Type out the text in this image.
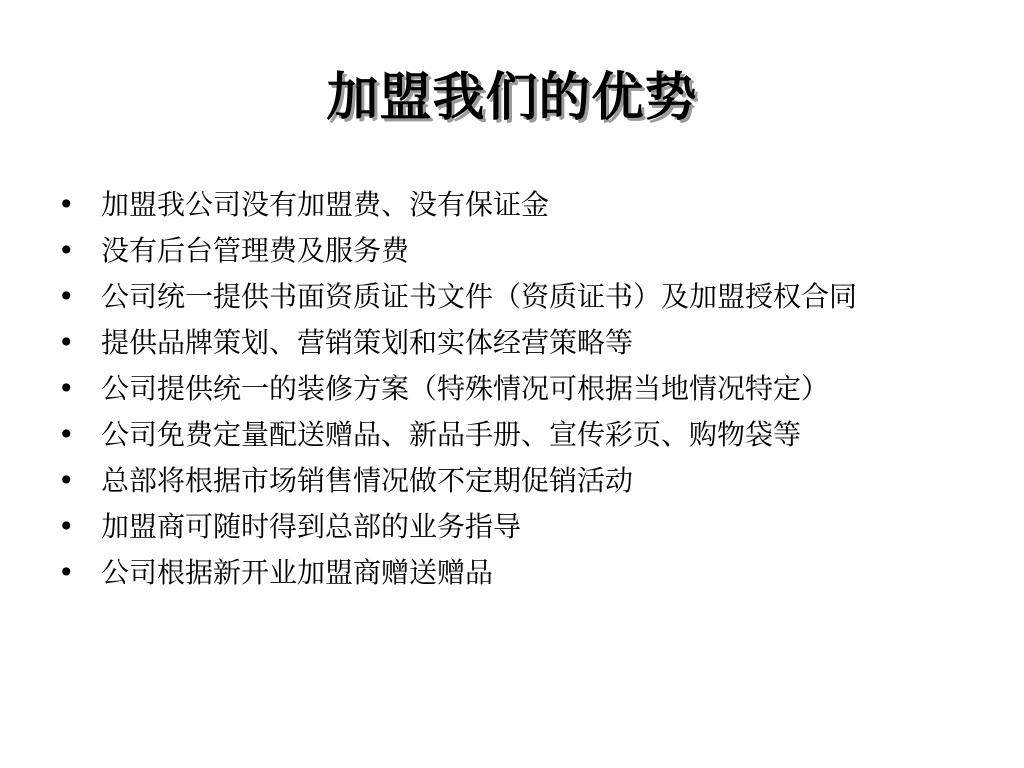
加盟我们的优势
• 加盟我公司没有加盟费、没有保证金
• 没有后台管理费及服务费
• 公司统一提供书面资质证书文件（资质证书）及加盟授权合同
• 提供品牌策划、营销策划和实体经营策略等
• 公司提供统一的装修方案（特殊情况可根据当地情况特定）
• 公司免费定量配送赠品、新品手册、宣传彩页、购物袋等
• 总部将根据市场销售情况做不定期促销活动
• 加盟商可随时得到总部的业务指导
• 公司根据新开业加盟商赠送赠品
